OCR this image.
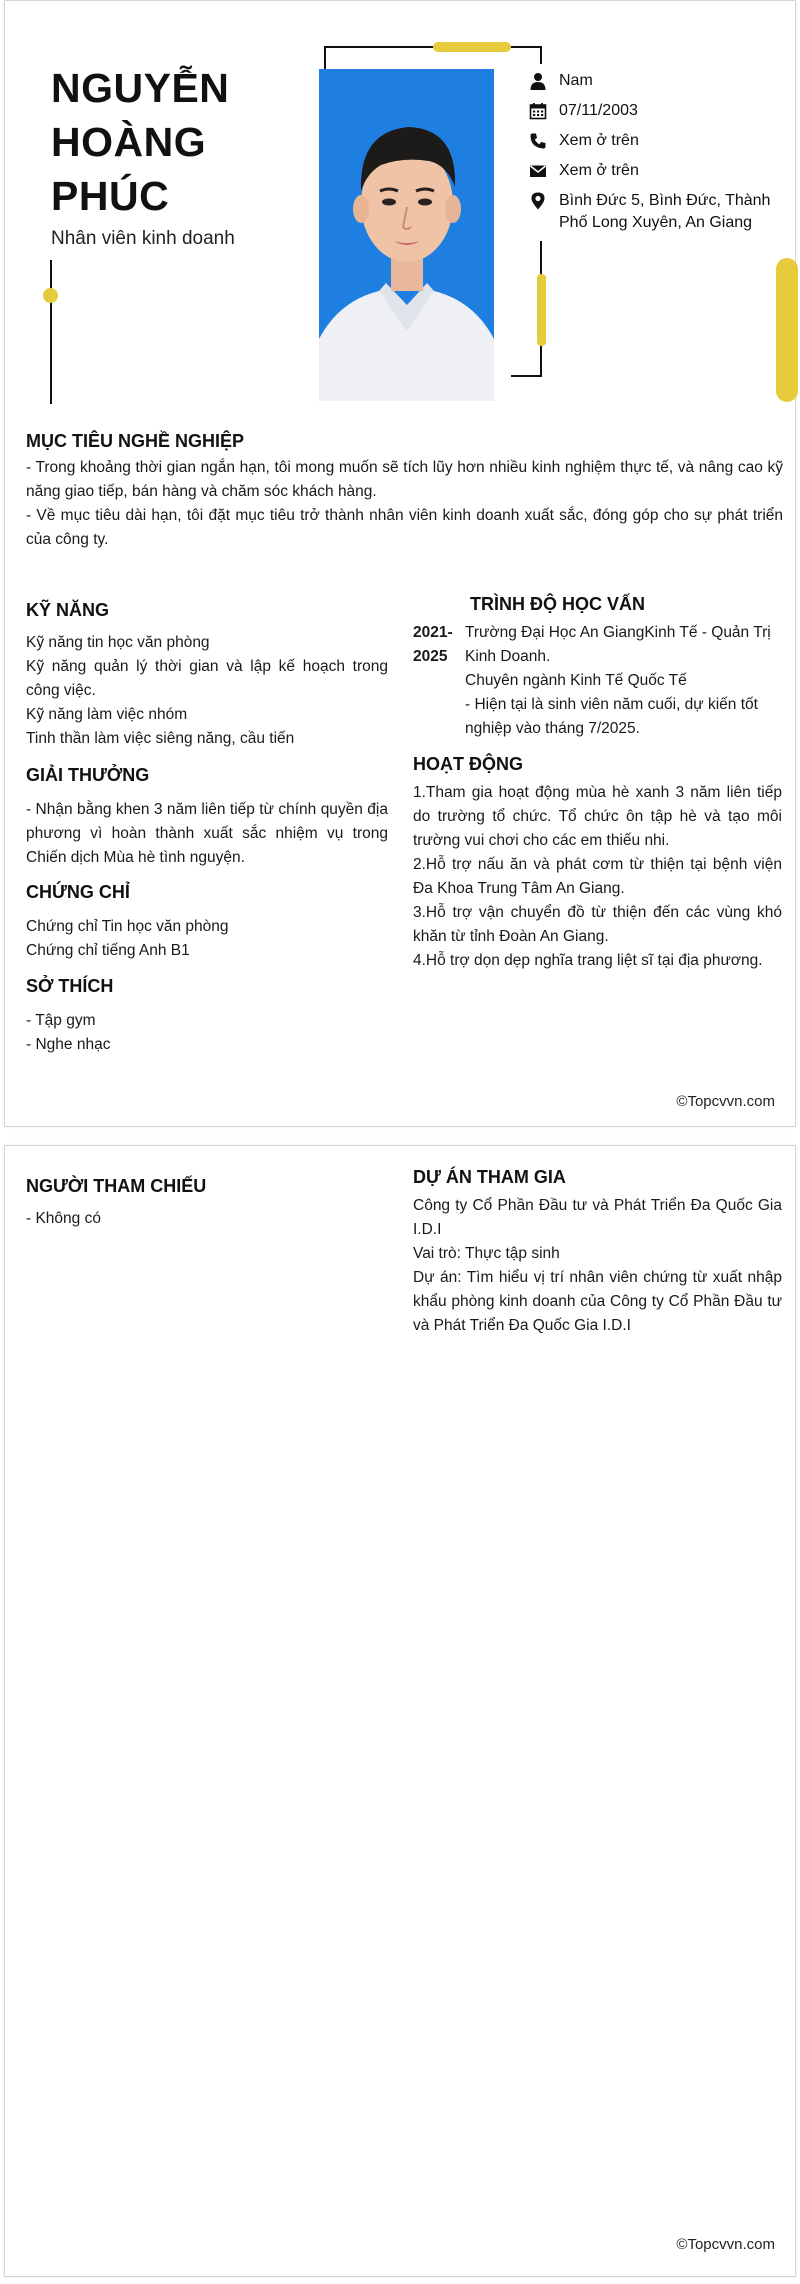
NGUYỄN
HOÀNG
PHÚC
Nhân viên kinh doanh
Nam
07/11/2003
Xem ở trên
Xem ở trên
Bình Đức 5, Bình Đức, Thành Phố Long Xuyên, An Giang
MỤC TIÊU NGHỀ NGHIỆP

- Trong khoảng thời gian ngắn hạn, tôi mong muốn sẽ tích lũy hơn nhiều kinh nghiệm thực tế, và nâng cao kỹ năng giao tiếp, bán hàng và chăm sóc khách hàng.

- Về mục tiêu dài hạn, tôi đặt mục tiêu trở thành nhân viên kinh doanh xuất sắc, đóng góp cho sự phát triển của công ty.

KỸ NĂNG

Kỹ năng tin học văn phòng

Kỹ năng quản lý thời gian và lập kế hoạch trong công việc.

Kỹ năng làm việc nhóm

Tinh thần làm việc siêng năng, cầu tiến

GIẢI THƯỞNG
- Nhận bằng khen 3 năm liên tiếp từ chính quyền địa phương vì hoàn thành xuất sắc nhiệm vụ trong Chiến dịch Mùa hè tình nguyện.
CHỨNG CHỈ

Chứng chỉ Tin học văn phòng

Chứng chỉ tiếng Anh B1

SỞ THÍCH

- Tập gym

- Nghe nhạc

TRÌNH ĐỘ HỌC VẤN

2021-

2025

Trường Đại Học An GiangKinh Tế - Quản Trị Kinh Doanh.

Chuyên ngành Kinh Tế Quốc Tế

- Hiện tại là sinh viên năm cuối, dự kiến tốt nghiệp vào tháng 7/2025.

HOẠT ĐỘNG

1.Tham gia hoạt động mùa hè xanh 3 năm liên tiếp do trường tổ chức. Tổ chức ôn tập hè và tạo môi trường vui chơi cho các em thiếu nhi.

2.Hỗ trợ nấu ăn và phát cơm từ thiện tại bệnh viện Đa Khoa Trung Tâm An Giang.

3.Hỗ trợ vận chuyển đồ từ thiện đến các vùng khó khăn từ tỉnh Đoàn An Giang.

4.Hỗ trợ dọn dẹp nghĩa trang liệt sĩ tại địa phương.

©Topcvvn.com
NGƯỜI THAM CHIẾU
- Không có
DỰ ÁN THAM GIA

Công ty Cổ Phần Đầu tư và Phát Triển Đa Quốc Gia I.D.I

Vai trò: Thực tập sinh

Dự án: Tìm hiểu vị trí nhân viên chứng từ xuất nhập khẩu phòng kinh doanh của Công ty Cổ Phần Đầu tư và Phát Triển Đa Quốc Gia I.D.I

©Topcvvn.com
